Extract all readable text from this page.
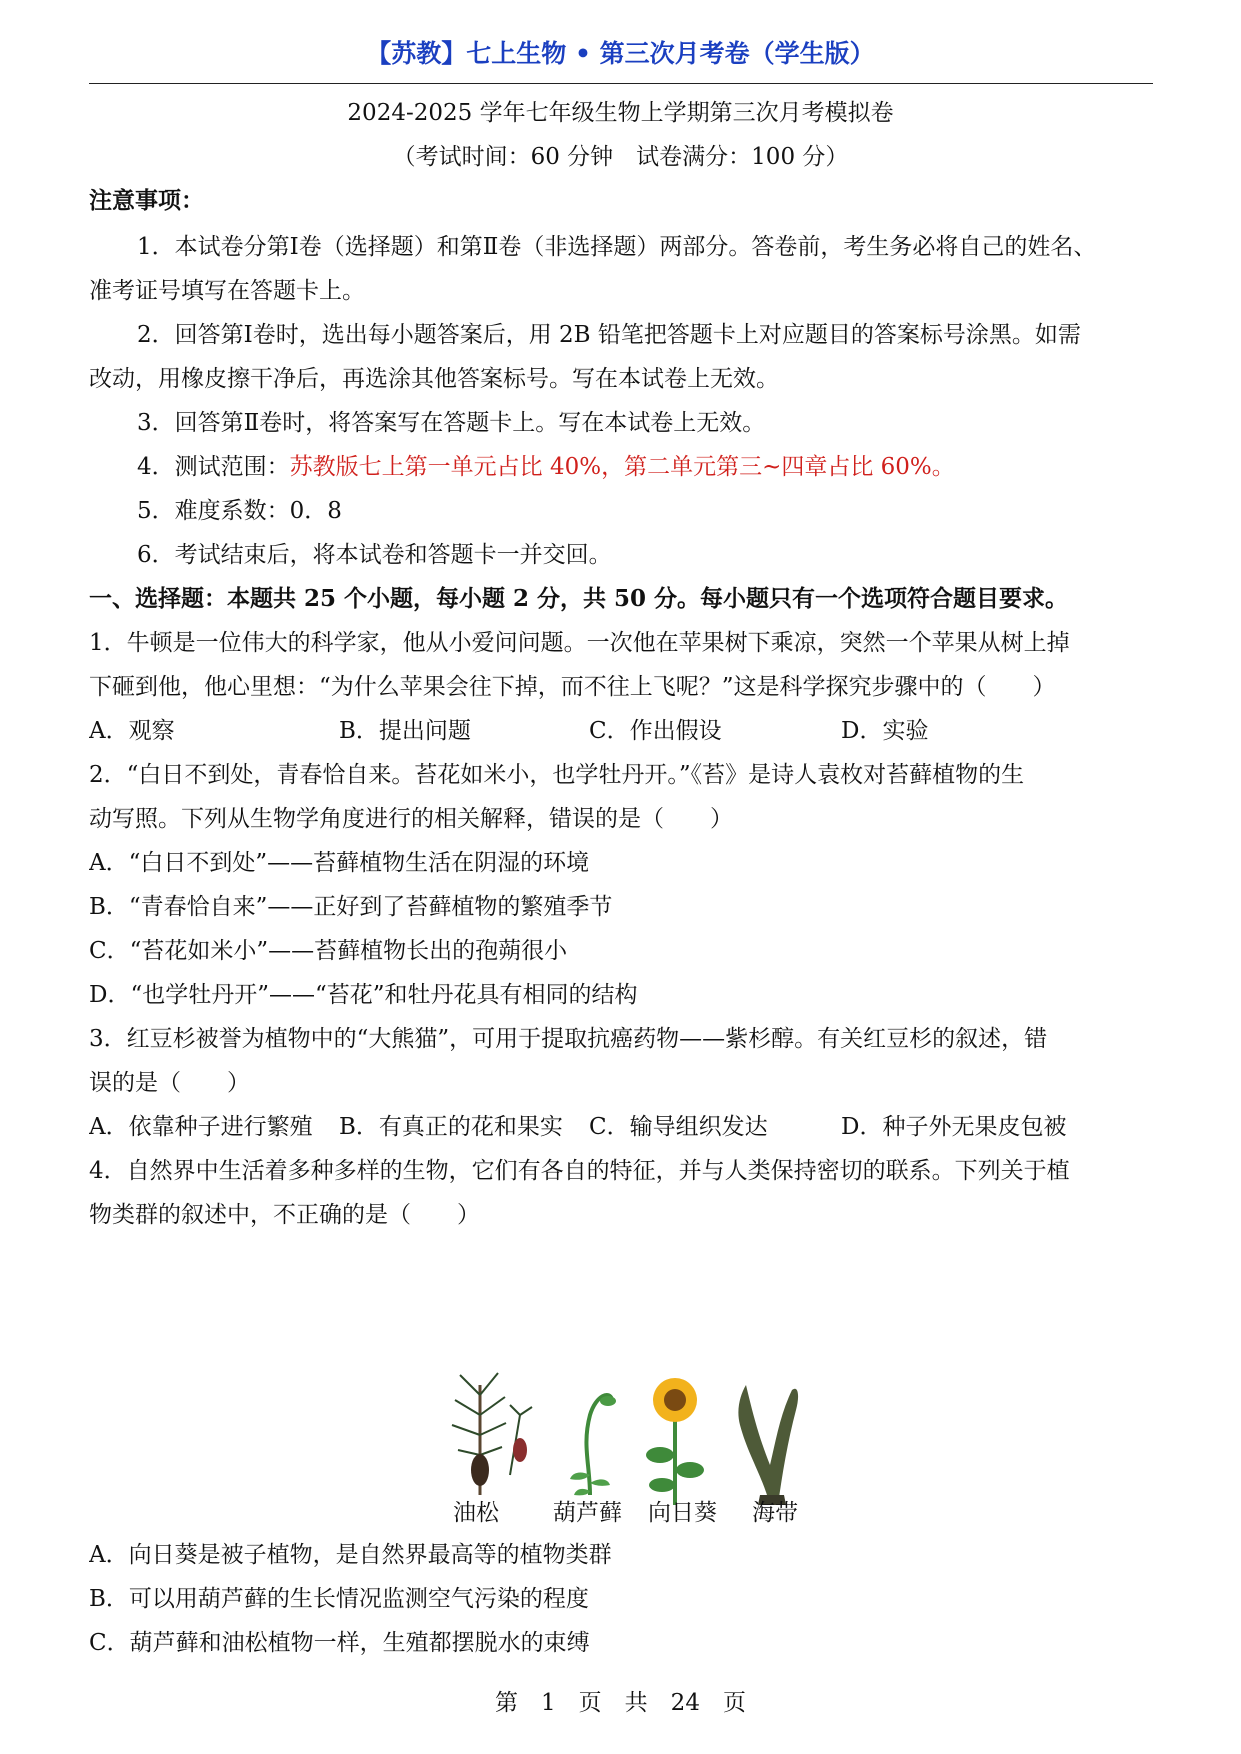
【苏教】七上生物 • 第三次月考卷（学生版）
2024-2025 学年七年级生物上学期第三次月考模拟卷
（考试时间：60 分钟　试卷满分：100 分）
注意事项：
1．本试卷分第Ⅰ卷（选择题）和第Ⅱ卷（非选择题）两部分。答卷前，考生务必将自己的姓名、
准考证号填写在答题卡上。
2．回答第Ⅰ卷时，选出每小题答案后，用 2B 铅笔把答题卡上对应题目的答案标号涂黑。如需
改动，用橡皮擦干净后，再选涂其他答案标号。写在本试卷上无效。
3．回答第Ⅱ卷时，将答案写在答题卡上。写在本试卷上无效。
4．测试范围：苏教版七上第一单元占比 40%，第二单元第三~四章占比 60%。
5．难度系数：0．8
6．考试结束后，将本试卷和答题卡一并交回。
一、选择题：本题共 25 个小题，每小题 2 分，共 50 分。每小题只有一个选项符合题目要求。
1．牛顿是一位伟大的科学家，他从小爱问问题。一次他在苹果树下乘凉，突然一个苹果从树上掉
下砸到他，他心里想：“为什么苹果会往下掉，而不往上飞呢？”这是科学探究步骤中的（　　）
A．观察	B．提出问题	C．作出假设	D．实验
2．“白日不到处，青春恰自来。苔花如米小，也学牡丹开。”《苔》是诗人袁枚对苔藓植物的生
动写照。下列从生物学角度进行的相关解释，错误的是（　　）
A．“白日不到处”——苔藓植物生活在阴湿的环境
B．“青春恰自来”——正好到了苔藓植物的繁殖季节
C．“苔花如米小”——苔藓植物长出的孢蒴很小
D．“也学牡丹开”——“苔花”和牡丹花具有相同的结构
3．红豆杉被誉为植物中的“大熊猫”，可用于提取抗癌药物——紫杉醇。有关红豆杉的叙述，错
误的是（　　）
A．依靠种子进行繁殖	B．有真正的花和果实	C．输导组织发达	D．种子外无果皮包被
4．自然界中生活着多种多样的生物，它们有各自的特征，并与人类保持密切的联系。下列关于植
物类群的叙述中，不正确的是（　　）
油松 葫芦藓 向日葵 海带
A．向日葵是被子植物，是自然界最高等的植物类群
B．可以用葫芦藓的生长情况监测空气污染的程度
C．葫芦藓和油松植物一样，生殖都摆脱水的束缚
第　1　页　共　24　页
